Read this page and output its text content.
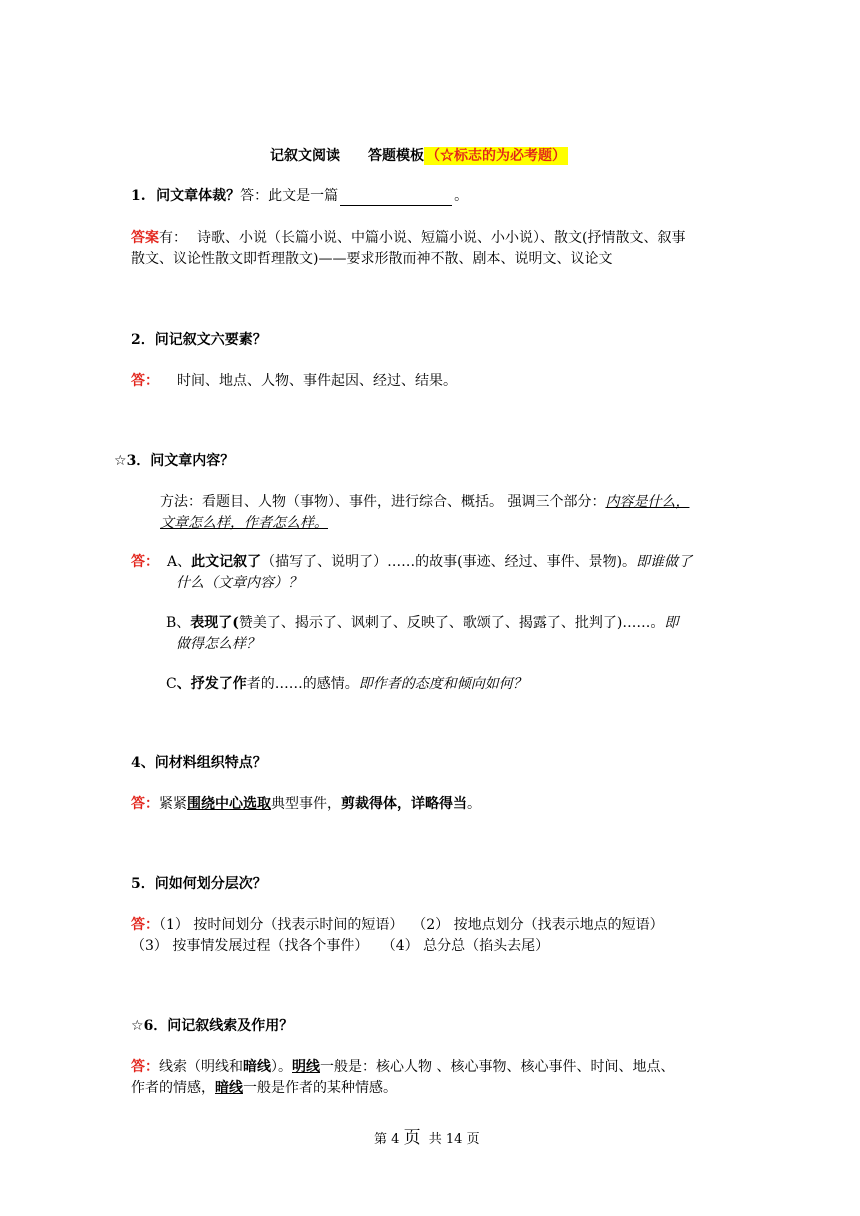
记叙文阅读 答题模板 （☆标志的为必考题）
1. 问文章体裁？答：此文是一篇	。
答案有： 诗歌、小说（长篇小说、中篇小说、短篇小说、小小说）、散文(抒情散文、叙事
散文、议论性散文即哲理散文)——要求形散而神不散、剧本、说明文、议论文
2．问记叙文六要素？
答： 时间、地点、人物、事件起因、经过、结果。
☆3．问文章内容？
方法：看题目、人物（事物）、事件，进行综合、概括。 强调三个部分：内容是什么，
文章怎么样，作者怎么样。
答： A、此文记叙了（描写了、说明了）……的故事(事迹、经过、事件、景物)。即谁做了
什么（文章内容）？
B、表现了(赞美了、揭示了、讽刺了、反映了、歌颂了、揭露了、批判了)……。即
做得怎么样？
C、抒发了作者的……的感情。即作者的态度和倾向如何？
4、问材料组织特点？
答：紧紧围绕中心选取典型事件，剪裁得体，详略得当。
5．问如何划分层次？
答：（1） 按时间划分（找表示时间的短语）  （2） 按地点划分（找表示地点的短语）
（3） 按事情发展过程（找各个事件）   （4） 总分总（掐头去尾）
☆6．问记叙线索及作用？
答：线索（明线和暗线）。明线一般是：核心人物 、核心事物、核心事件、时间、地点、
作者的情感，暗线一般是作者的某种情感。
第 4 页 共 14 页
